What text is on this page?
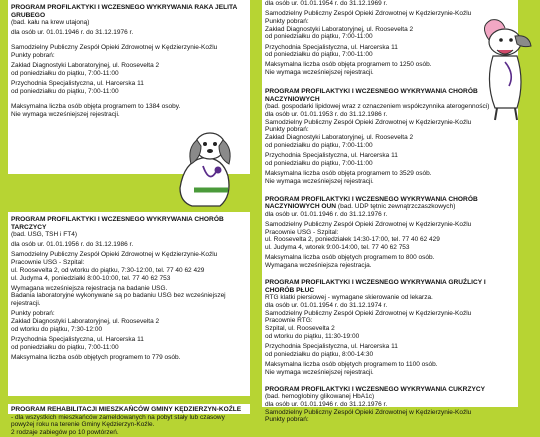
PROGRAM PROFILAKTYKI I WCZESNEGO WYKRYWANIA RAKA JELITA GRUBEGO

(bad. kału na krew utajoną)

dla osób ur. 01.01.1946 r. do 31.12.1976 r.

Samodzielny Publiczny Zespół Opieki Zdrowotnej w Kędzierzynie-Koźlu

Punkty pobrań:

Zakład Diagnostyki Laboratoryjnej, ul. Roosevelta 2

od poniedziałku do piątku, 7:00-11:00

Przychodnia Specjalistyczna, ul. Harcerska 11

od poniedziałku do piątku, 7:00-11:00

Maksymalna liczba osób objęta programem to 1384 osoby.

Nie wymaga wcześniejszej rejestracji.

PROGRAM PROFILAKTYKI I WCZESNEGO WYKRYWANIA CHORÓB TARCZYCY

(bad. USG, TSH i FT4)

dla osób ur. 01.01.1956 r. do 31.12.1986 r.

Samodzielny Publiczny Zespół Opieki Zdrowotnej w Kędzierzynie-Koźlu
Pracownie USG - Szpital:
ul. Roosevelta 2, od wtorku do piątku, 7:30-12:00, tel. 77 40 62 429

ul. Judyma 4, poniedziałki 8:00-10:00, tel. 77 40 62 753

Wymagana wcześniejsza rejestracja na badanie USG.

Badania laboratoryjne wykonywane są po badaniu USG bez wcześniejszej rejestracji.

Punkty pobrań:
Zakład Diagnostyki Laboratoryjnej, ul. Roosevelta 2

od wtorku do piątku, 7:30-12:00

Przychodnia Specjalistyczna, ul. Harcerska 11

od poniedziałku do piątku, 7:00-11:00

Maksymalna liczba osób objętych programem to 779 osób.

PROGRAM REHABILITACJI MIESZKAŃCÓW GMINY KĘDZIERZYN-KOŹLE
- dla wszystkich mieszkańców zameldowanych na pobyt stały lub czasowy powyżej roku na terenie Gminy Kędzierzyn-Koźle.
2 rodzaje zabiegów po 10 powtórzeń.

dla osób ur. 01.01.1954 r. do 31.12.1969 r.

Samodzielny Publiczny Zespół Opieki Zdrowotnej w Kędzierzynie-Koźlu
Punkty pobrań:
Zakład Diagnostyki Laboratoryjnej, ul. Roosevelta 2

od poniedziałku do piątku, 7:00-11:00

Przychodnia Specjalistyczna, ul. Harcerska 11

od poniedziałku do piątku, 7:00-11:00

Maksymalna liczba osób objęta programem to 1250 osób.

Nie wymaga wcześniejszej rejestracji.

PROGRAM PROFILAKTYKI I WCZESNEGO WYKRYWANIA CHORÓB NACZYNIOWYCH
(bad. gospodarki lipidowej wraz z oznaczeniem współczynnika aterogenności)
dla osób ur. 01.01.1953 r. do 31.12.1986 r.
Samodzielny Publiczny Zespół Opieki Zdrowotnej w Kędzierzynie-Koźlu
Punkty pobrań:
Zakład Diagnostyki Laboratoryjnej, ul. Roosevelta 2

od poniedziałku do piątku, 7:00-11:00

Przychodnia Specjalistyczna, ul. Harcerska 11

od poniedziałku do piątku, 7:00-11:00

Maksymalna liczba osób objęta programem to 3529 osób.

Nie wymaga wcześniejszej rejestracji.

PROGRAM PROFILAKTYKI I WCZESNEGO WYKRYWANIA CHORÓB NACZYNIOWYCH OUN (bad. UDP tętnic zewnątrzczaszkowych)

dla osób ur. 01.01.1946 r. do 31.12.1976 r.

Samodzielny Publiczny Zespół Opieki Zdrowotnej w Kędzierzynie-Koźlu
Pracownie USG - Szpital:
ul. Roosevelta 2, poniedziałek 14:30-17:00, tel. 77 40 62 429

ul. Judyma 4, wtorek 9:00-14:00, tel. 77 40 62 753

Maksymalna liczba osób objętych programem to 800 osób.

Wymagana wcześniejsza rejestracja.

PROGRAM PROFILAKTYKI I WCZESNEGO WYKRYWANIA GRUŹLICY I CHORÓB PŁUC
RTG klatki piersiowej - wymagane skierowanie od lekarza.
dla osób ur. 01.01.1954 r. do 31.12.1974 r.
Samodzielny Publiczny Zespół Opieki Zdrowotnej w Kędzierzynie-Koźlu
Pracownie RTG:
Szpital, ul. Roosevelta 2

od wtorku do piątku, 11:30-19:00

Przychodnia Specjalistyczna, ul. Harcerska 11

od poniedziałku do piątku, 8:00-14:30

Maksymalna liczba osób objętych programem to 1100 osób.

Nie wymaga wcześniejszej rejestracji.

PROGRAM PROFILAKTYKI I WCZESNEGO WYKRYWANIA CUKRZYCY
(bad. hemoglobiny glikowanej HbA1c)
dla osób ur. 01.01.1946 r. do 31.12.1976 r.
Samodzielny Publiczny Zespół Opieki Zdrowotnej w Kędzierzynie-Koźlu
Punkty pobrań:
